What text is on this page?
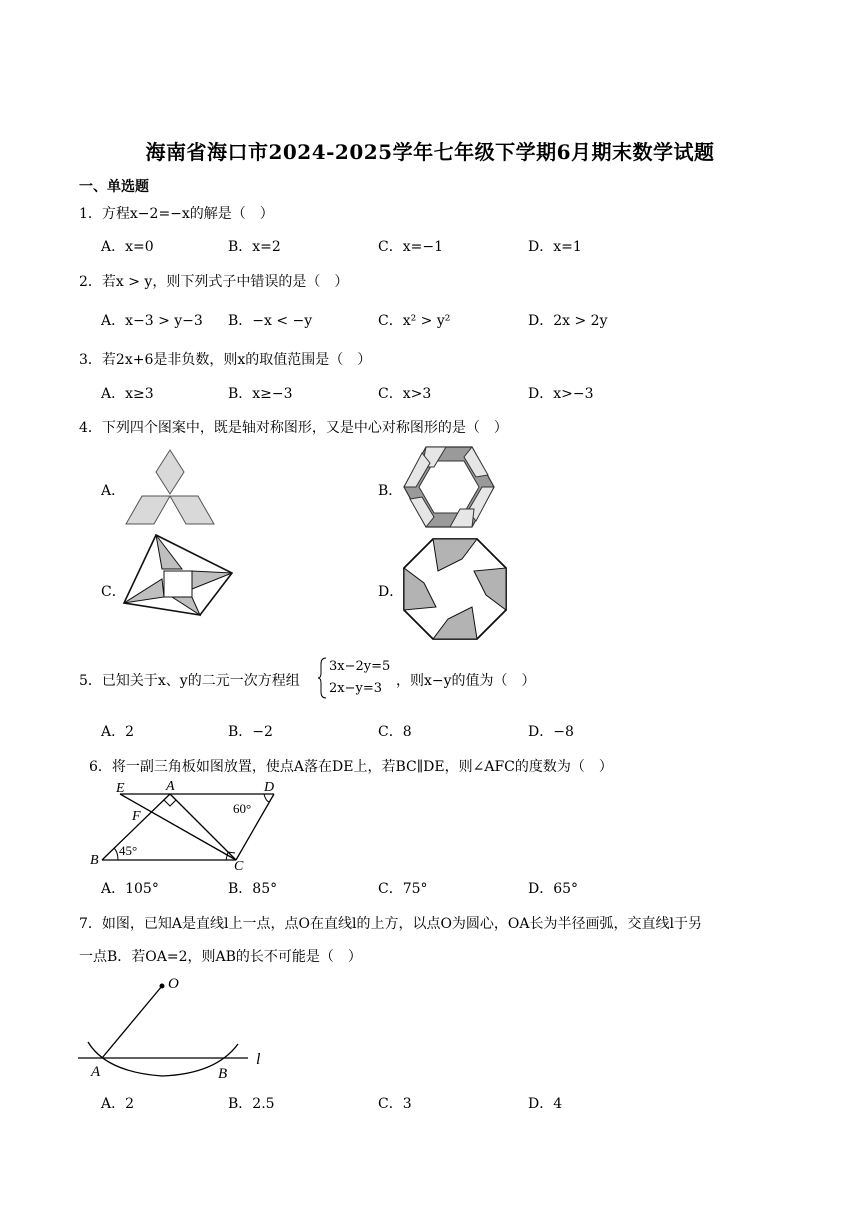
海南省海口市2024-2025学年七年级下学期6月期末数学试题
一、单选题
1．方程x−2=−x的解是（　）
A．x=0	B．x=2	C．x=−1	D．x=1
2．若x > y，则下列式子中错误的是（　）
A．x−3 > y−3 B．−x < −y	C．x² > y²	D．2x > 2y
3．若2x+6是非负数，则x的取值范围是（　）
A．x≥3	B．x≥−3	C．x>3	D．x>−3
4．下列四个图案中，既是轴对称图形，又是中心对称图形的是（　）
A．	B．
C．	D．
5．已知关于x、y的二元一次方程组
3x−2y=5
2x−y=3 ，则x−y的值为（　）
A．2	B．−2	C．8	D．−8
6．将一副三角板如图放置，使点A落在DE上，若BC∥DE，则∠AFC的度数为（　）
E	A	D
F
B	C
60°
45°
A．105°	B．85°	C．75°	D．65°
7．如图，已知A是直线l上一点，点O在直线l的上方，以点O为圆心，OA长为半径画弧，交直线l于另
一点B．若OA=2，则AB的长不可能是（　）
O
A	B
l
A．2	B．2.5	C．3	D．4
